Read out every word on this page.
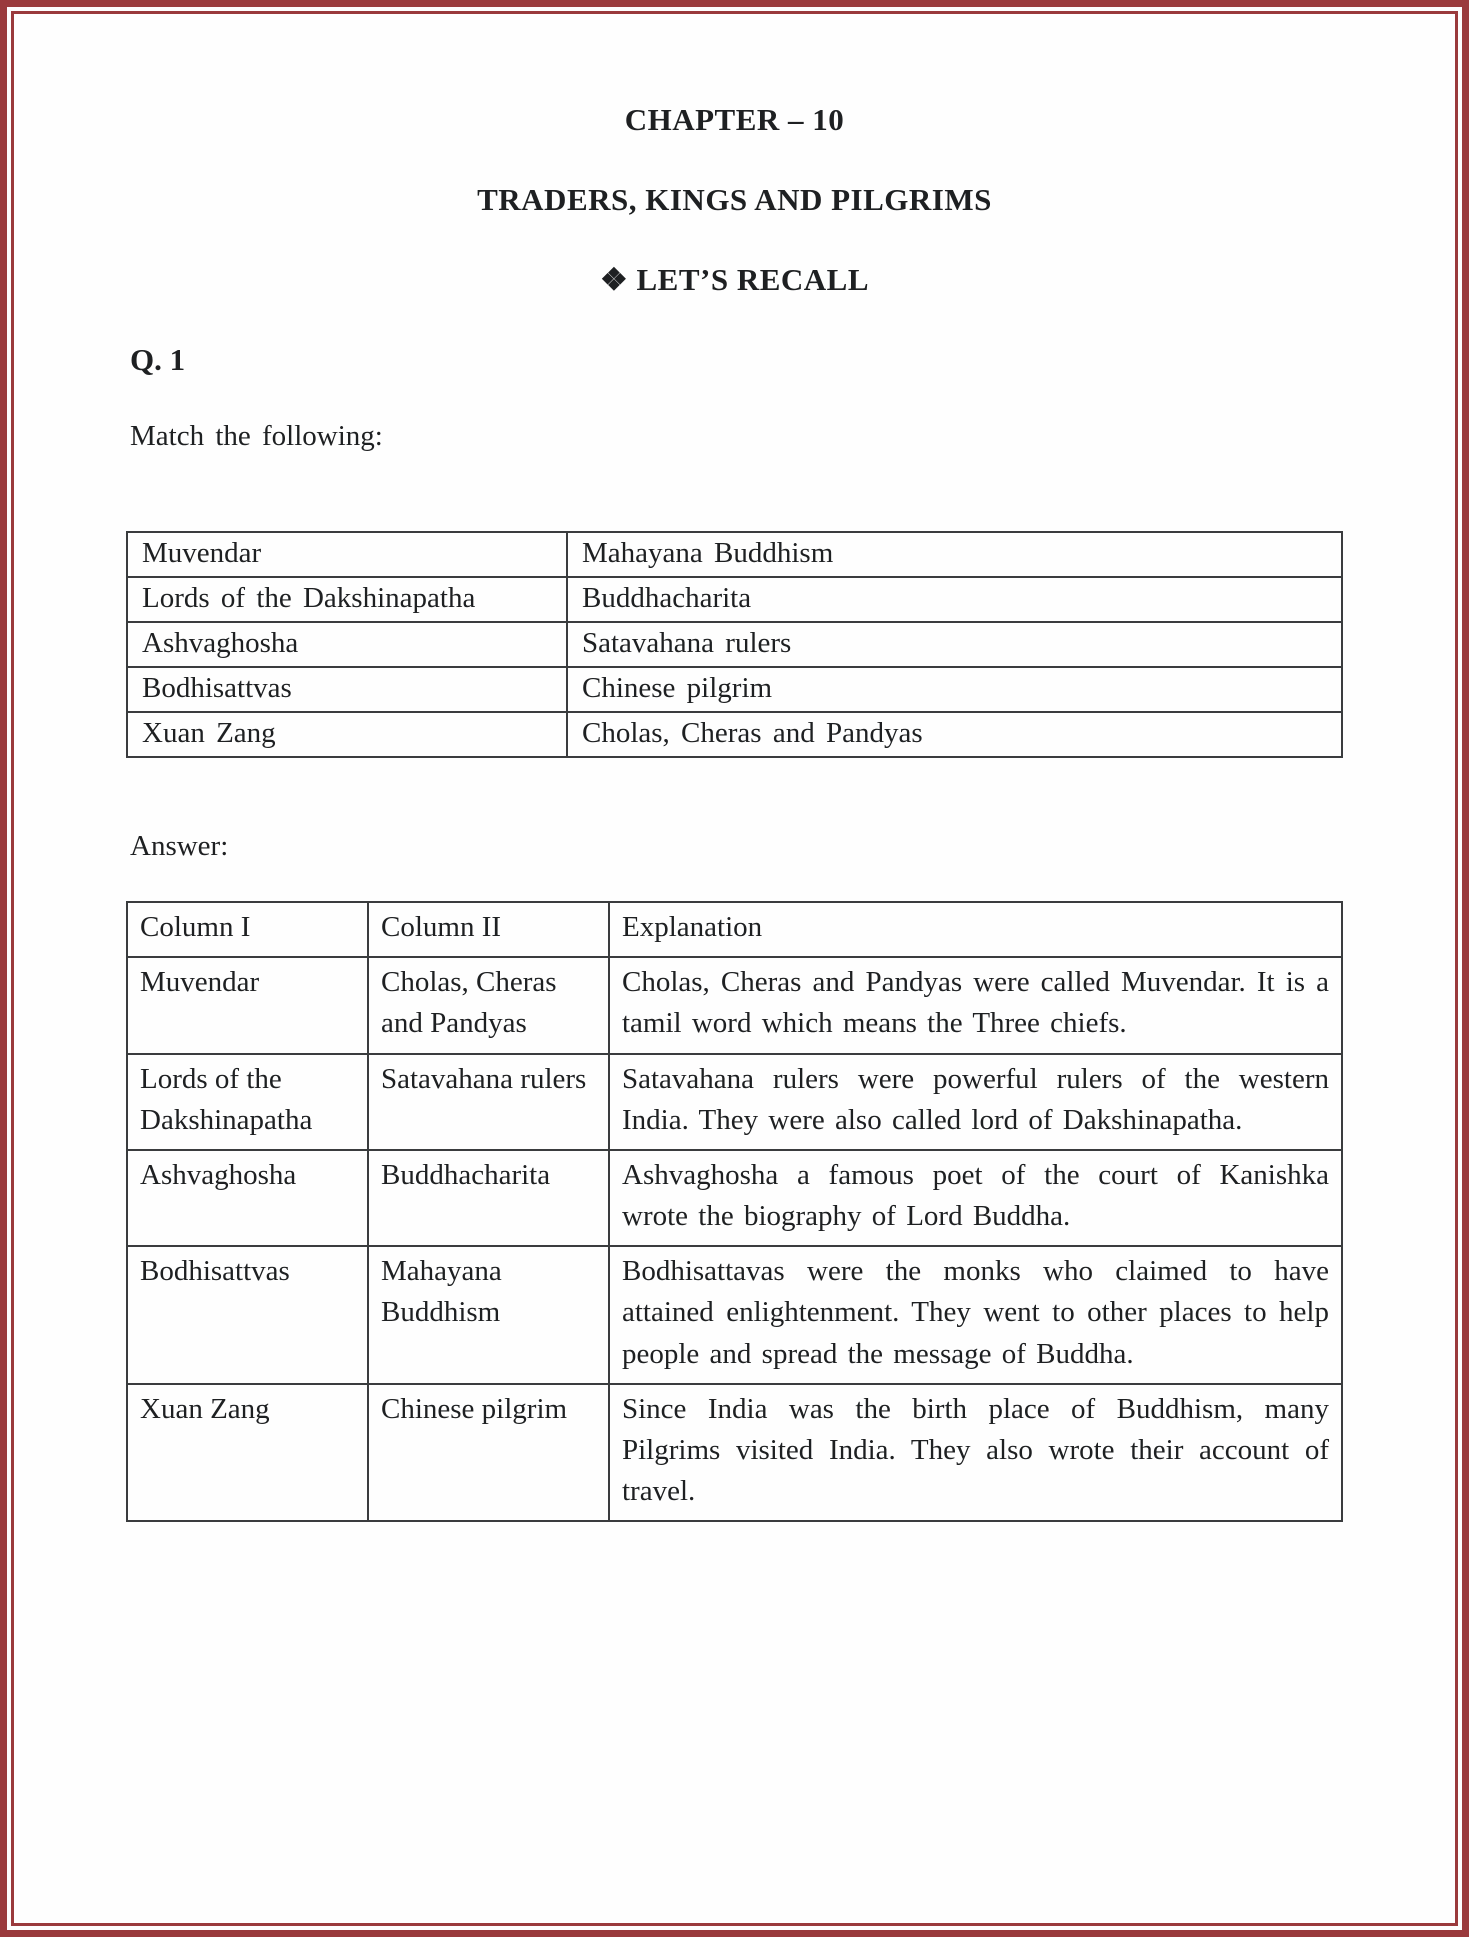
CHAPTER – 10
TRADERS, KINGS AND PILGRIMS
❖ LET’S RECALL
Q. 1
Match the following:
Muvendar	Mahayana Buddhism
Lords of the Dakshinapatha	Buddhacharita
Ashvaghosha	Satavahana rulers
Bodhisattvas	Chinese pilgrim
Xuan Zang	Cholas, Cheras and Pandyas
Answer:
Column I	Column II	Explanation
Muvendar	Cholas, Cheras and Pandyas	Cholas, Cheras and Pandyas were called Muvendar. It is a tamil word which means the Three chiefs.
Lords of the Dakshinapatha	Satavahana rulers	Satavahana rulers were powerful rulers of the western India. They were also called lord of Dakshinapatha.
Ashvaghosha	Buddhacharita	Ashvaghosha a famous poet of the court of Kanishka wrote the biography of Lord Buddha.
Bodhisattvas	Mahayana Buddhism	Bodhisattavas were the monks who claimed to have attained enlightenment. They went to other places to help people and spread the message of Buddha.
Xuan Zang	Chinese pilgrim	Since India was the birth place of Buddhism, many Pilgrims visited India. They also wrote their account of travel.
